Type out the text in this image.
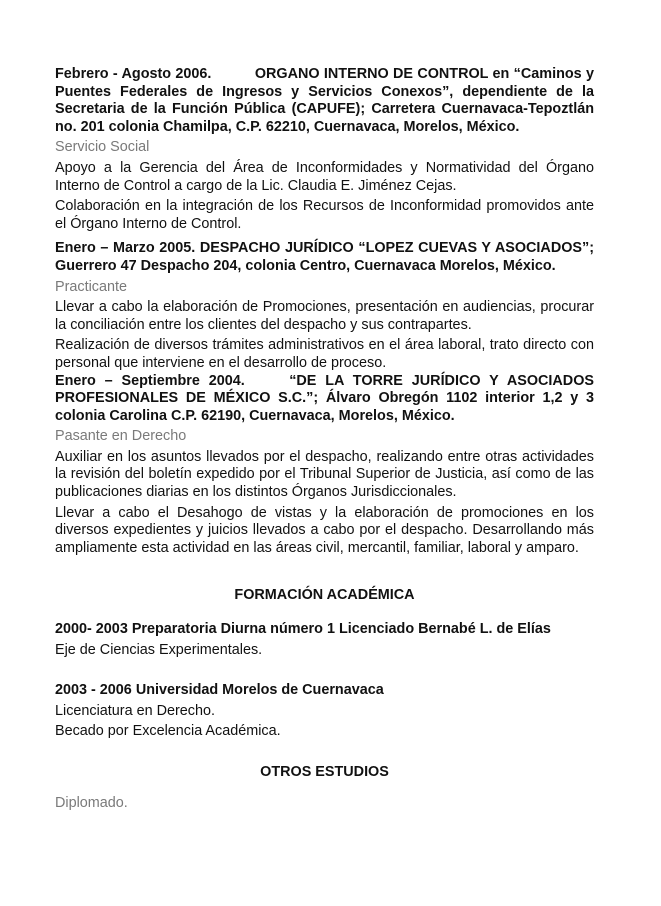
Febrero - Agosto 2006.	ORGANO INTERNO DE CONTROL en “Caminos y Puentes Federales de Ingresos y Servicios Conexos”, dependiente de la Secretaria de la Función Pública (CAPUFE); Carretera Cuernavaca-Tepoztlán no. 201 colonia Chamilpa, C.P. 62210, Cuernavaca, Morelos, México.

Servicio Social

Apoyo a la Gerencia del Área de Inconformidades y Normatividad del Órgano Interno de Control a cargo de la Lic. Claudia E. Jiménez Cejas.

Colaboración en la integración de los Recursos de Inconformidad promovidos ante el Órgano Interno de Control.

Enero – Marzo 2005. DESPACHO JURÍDICO “LOPEZ CUEVAS Y ASOCIADOS”; Guerrero 47 Despacho 204, colonia Centro, Cuernavaca Morelos, México.

Practicante

Llevar a cabo la elaboración de Promociones, presentación en audiencias, procurar la conciliación entre los clientes del despacho y sus contrapartes.

Realización de diversos trámites administrativos en el área laboral, trato directo con personal que interviene en el desarrollo de proceso.

Enero – Septiembre 2004.	“DE LA TORRE JURÍDICO Y ASOCIADOS PROFESIONALES DE MÉXICO S.C.”; Álvaro Obregón 1102 interior 1,2 y 3 colonia Carolina C.P. 62190, Cuernavaca, Morelos, México.

Pasante en Derecho

Auxiliar en los asuntos llevados por el despacho, realizando entre otras actividades la revisión del boletín expedido por el Tribunal Superior de Justicia, así como de las publicaciones diarias en los distintos Órganos Jurisdiccionales.

Llevar a cabo el Desahogo de vistas y la elaboración de promociones en los diversos expedientes y juicios llevados a cabo por el despacho. Desarrollando más ampliamente esta actividad en las áreas civil, mercantil, familiar, laboral y amparo.

FORMACIÓN ACADÉMICA

2000- 2003 Preparatoria Diurna número 1 Licenciado Bernabé L. de Elías

Eje de Ciencias Experimentales.

2003 - 2006 Universidad Morelos de Cuernavaca

Licenciatura en Derecho.

Becado por Excelencia Académica.

OTROS ESTUDIOS

Diplomado.
